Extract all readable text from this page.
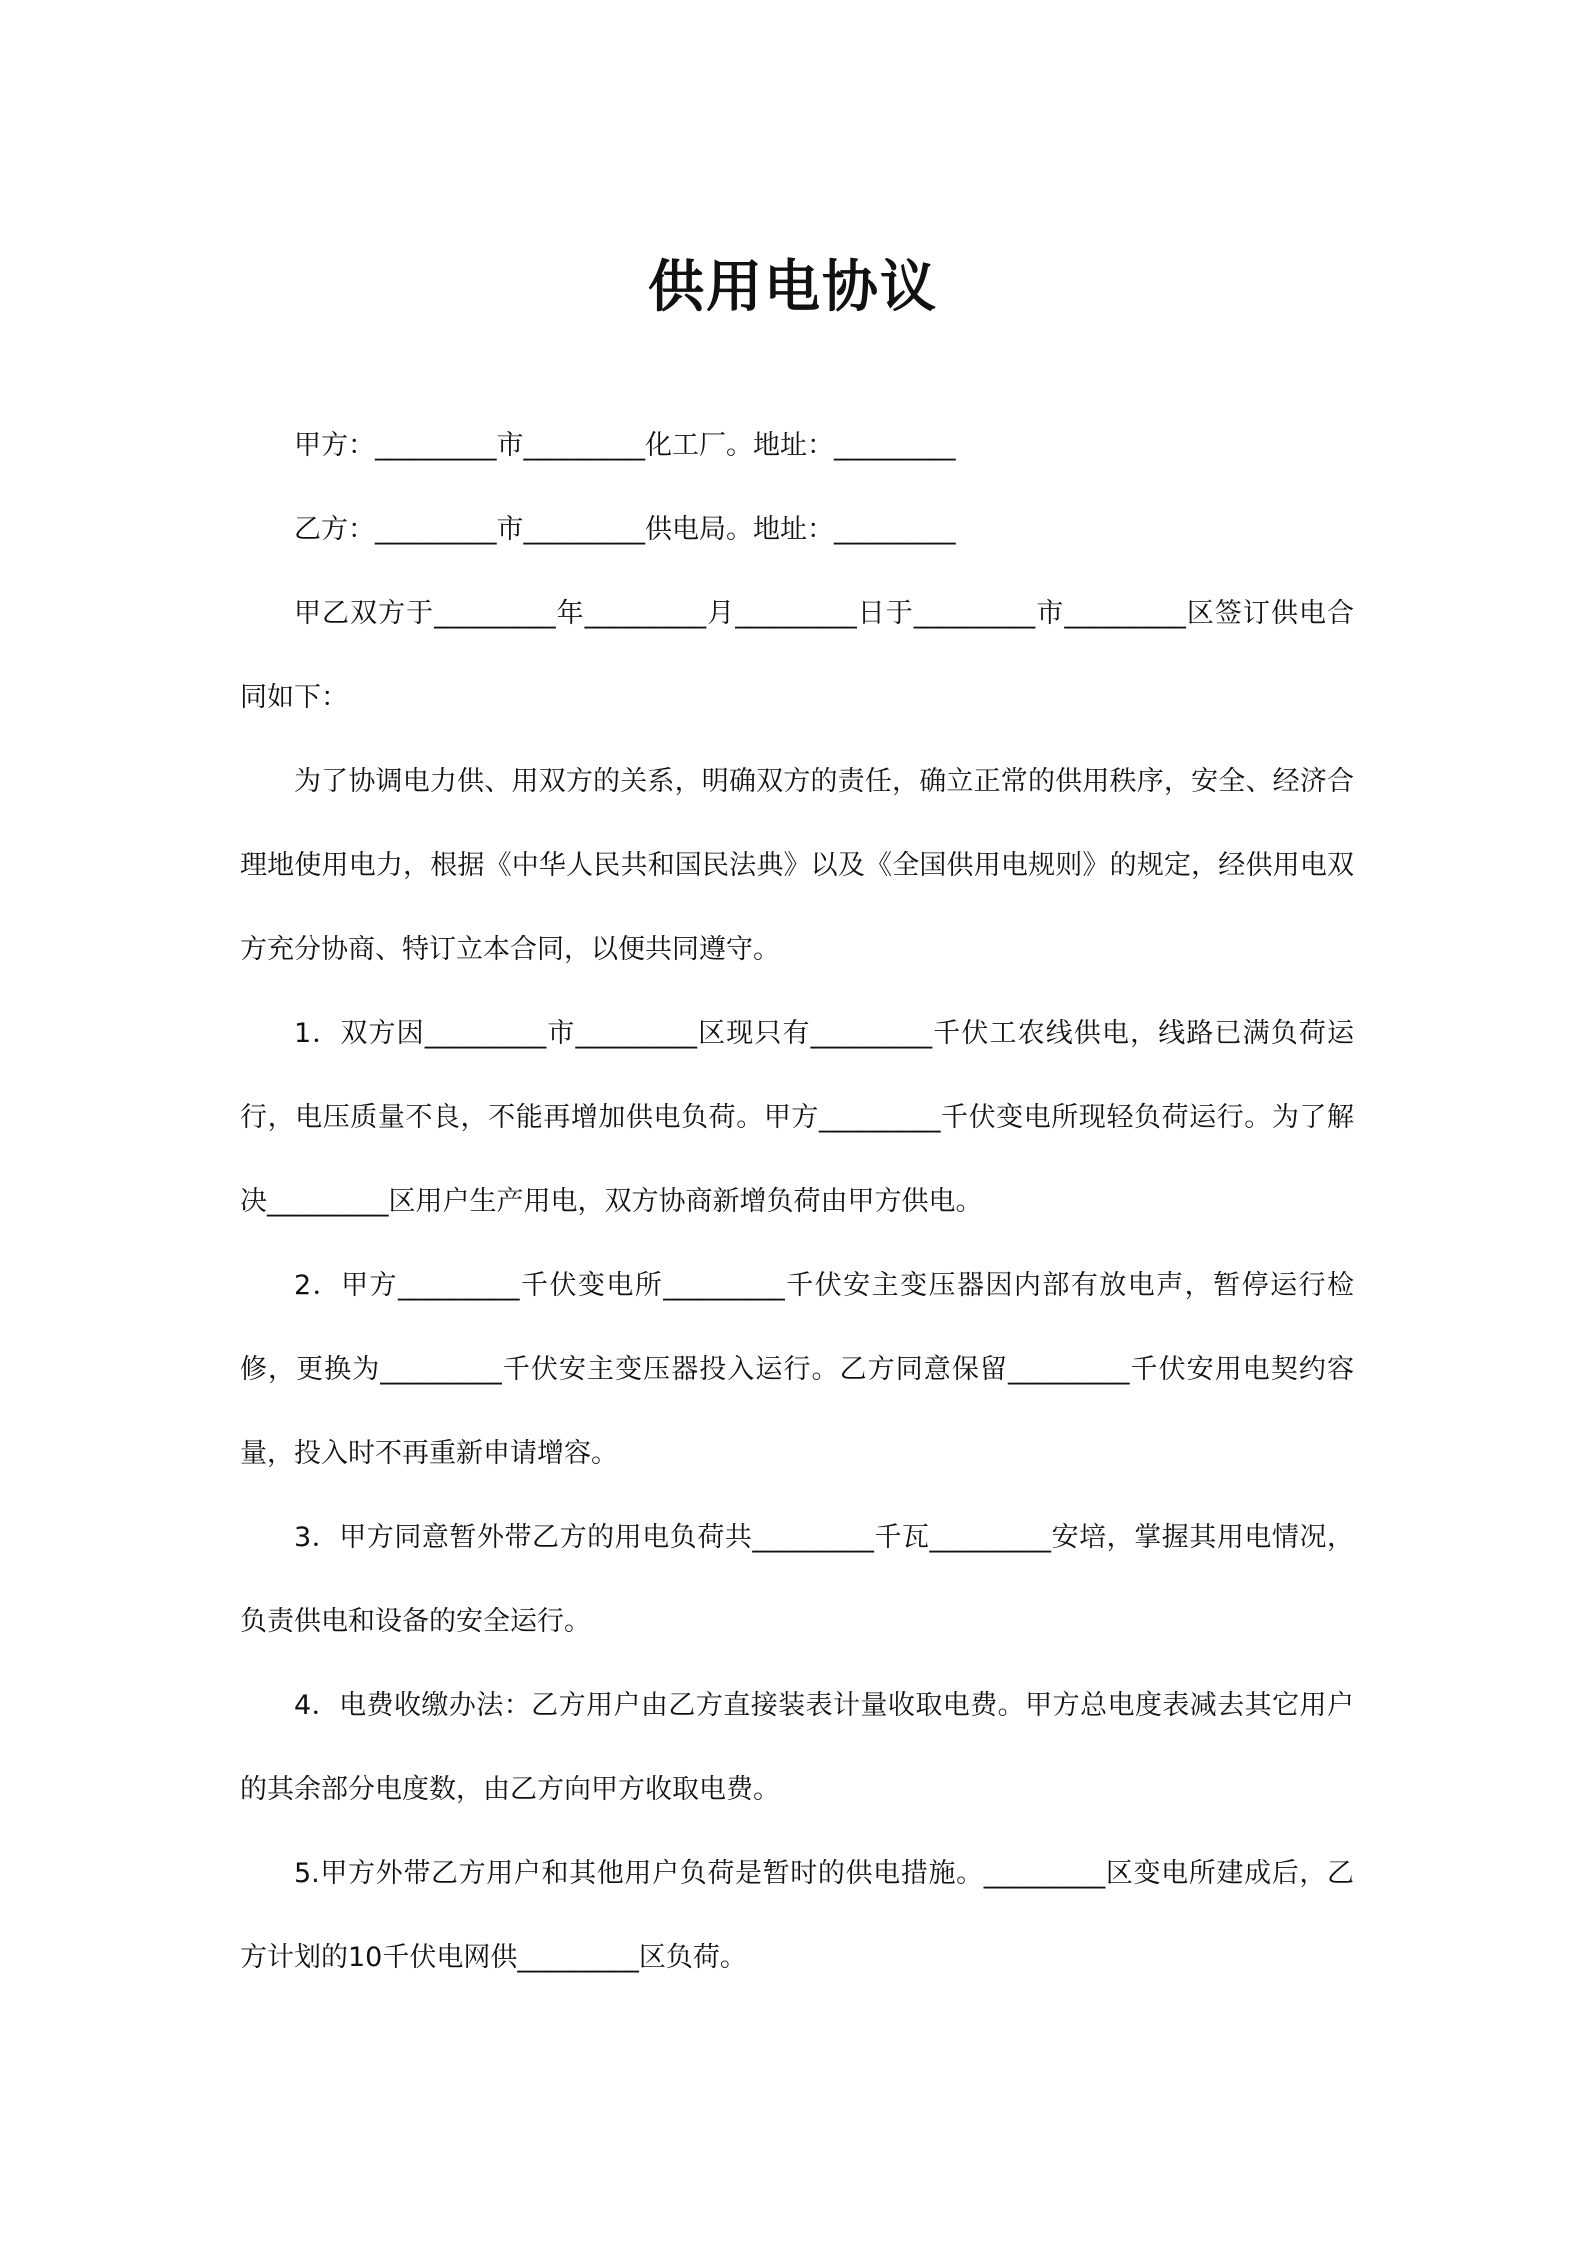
供用电协议

甲方：_________市_________化工厂。地址：_________

乙方：_________市_________供电局。地址：_________

甲乙双方于_________年_________月_________日于_________市_________区签订供电合同如下：

为了协调电力供、用双方的关系，明确双方的责任，确立正常的供用秩序，安全、经济合理地使用电力，根据《中华人民共和国民法典》以及《全国供用电规则》的规定，经供用电双方充分协商、特订立本合同，以便共同遵守。

1．双方因_________市_________区现只有_________千伏工农线供电，线路已满负荷运行，电压质量不良，不能再增加供电负荷。甲方_________千伏变电所现轻负荷运行。为了解决_________区用户生产用电，双方协商新增负荷由甲方供电。

2．甲方_________千伏变电所_________千伏安主变压器因内部有放电声，暂停运行检修，更换为_________千伏安主变压器投入运行。乙方同意保留_________千伏安用电契约容量，投入时不再重新申请增容。

3．甲方同意暂外带乙方的用电负荷共_________千瓦_________安培，掌握其用电情况，负责供电和设备的安全运行。

4．电费收缴办法：乙方用户由乙方直接装表计量收取电费。甲方总电度表减去其它用户的其余部分电度数，由乙方向甲方收取电费。

5.甲方外带乙方用户和其他用户负荷是暂时的供电措施。_________区变电所建成后，乙方计划的10千伏电网供_________区负荷。
